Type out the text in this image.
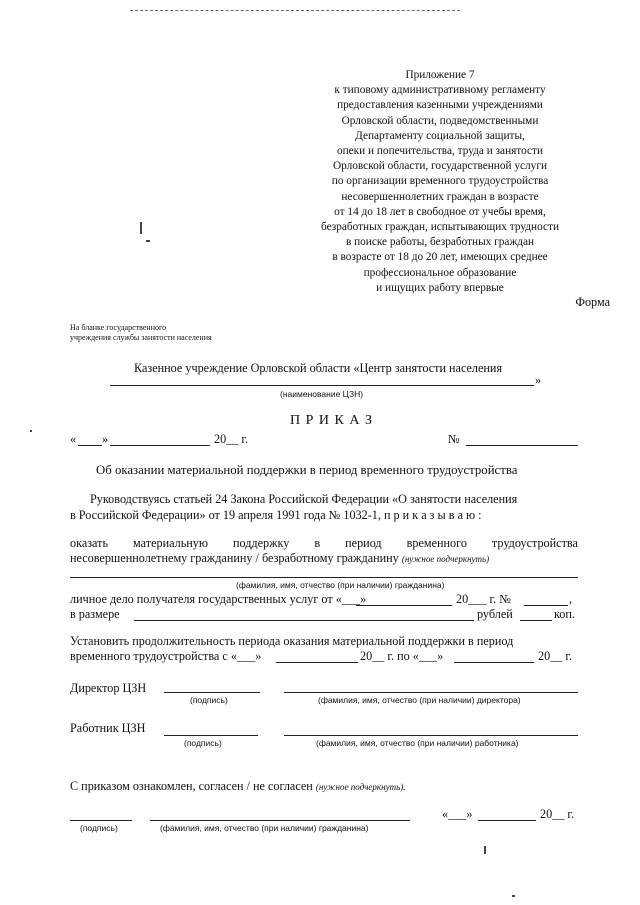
Приложение 7
к типовому административному регламенту
предоставления казенными учреждениями
Орловской области, подведомственными
Департаменту социальной защиты,
опеки и попечительства, труда и занятости
Орловской области, государственной услуги
по организации временного трудоустройства
несовершеннолетних граждан в возрасте
от 14 до 18 лет в свободное от учебы время,
безработных граждан, испытывающих трудности
в поиске работы, безработных граждан
в возрасте от 18 до 20 лет, имеющих среднее
профессиональное образование
и ищущих работу впервые
Форма
На бланке государственного
учреждения службы занятости населения
Казенное учреждение Орловской области «Центр занятости населения
»
(наименование ЦЗН)
П Р И К А З
« »	20__ г.	№
Об оказании материальной поддержки в период временного трудоустройства
Руководствуясь статьей 24 Закона Российской Федерации «О занятости населения
в Российской Федерации» от 19 апреля 1991 года № 1032-1, п р и к а з ы в а ю :
оказать материальную поддержку в период временного трудоустройства
несовершеннолетнему гражданину / безработному гражданину (нужное подчеркнуть)
(фамилия, имя, отчество (при наличии) гражданина)
личное дело получателя государственных услуг от «___»	20___ г. №	,
в размере	рублей	коп.
Установить продолжительность периода оказания материальной поддержки в период
временного трудоустройства с «___»	20__ г. по «___»	20__ г.
Директор ЦЗН
(подпись)	(фамилия, имя, отчество (при наличии) директора)
Работник ЦЗН
(подпись)	(фамилия, имя, отчество (при наличии) работника)
С приказом ознакомлен, согласен / не согласен (нужное подчеркнуть).
(подпись)	(фамилия, имя, отчество (при наличии) гражданина)
«___»	20__ г.
